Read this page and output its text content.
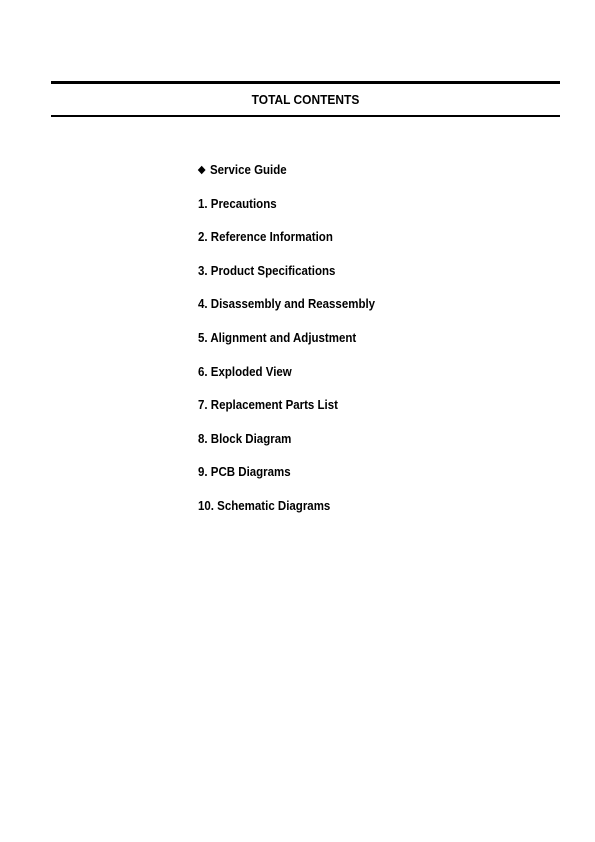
TOTAL CONTENTS
Service Guide
1. Precautions
2. Reference Information
3. Product Specifications
4. Disassembly and Reassembly
5. Alignment and Adjustment
6. Exploded View
7. Replacement Parts List
8. Block Diagram
9. PCB Diagrams
10. Schematic Diagrams
